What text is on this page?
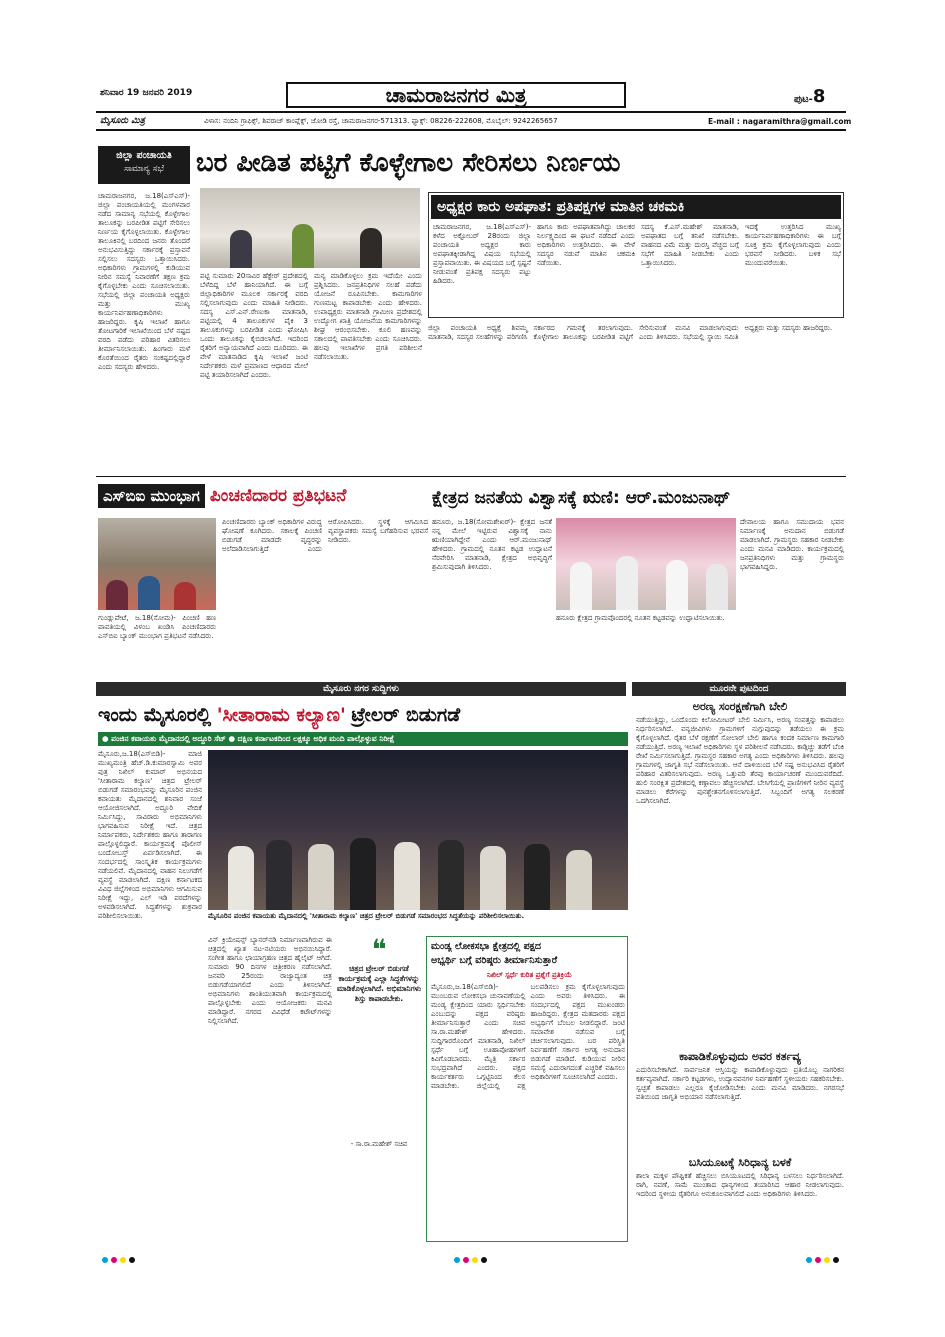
ಶನಿವಾರ 19 ಜನವರಿ 2019	ಚಾಮರಾಜನಗರ ಮಿತ್ರ	ಪುಟ-8
ಮೈಸೂರು ಮಿತ್ರ	ವಿಳಾಸ: ನಂದಿನಿ ಗ್ರಾಫಿಕ್ಸ್, ಶಿವರಾಜ್ ಕಾಂಪ್ಲೆಕ್ಸ್, ಜೋಡಿ ರಸ್ತೆ, ಚಾಮರಾಜನಗರ-571313. ಫ್ಯಾಕ್ಸ್: 08226-222608, ಮೊಬೈಲ್: 9242265657	E-mail : nagaramithra@gmail.com
ಜಿಲ್ಲಾ ಪಂಚಾಯತಿ
ಸಾಮಾನ್ಯ ಸಭೆ	ಬರ ಪೀಡಿತ ಪಟ್ಟಿಗೆ ಕೊಳ್ಳೇಗಾಲ ಸೇರಿಸಲು ನಿರ್ಣಯ
ಚಾಮರಾಜನಗರ, ಜ.18(ಎಸ್‌ಎಸ್)- ಜಿಲ್ಲಾ ಪಂಚಾಯತಿಯಲ್ಲಿ ಮಂಗಳವಾರ ನಡೆದ ಸಾಮಾನ್ಯ ಸಭೆಯಲ್ಲಿ ಕೊಳ್ಳೇಗಾಲ ತಾಲೂಕನ್ನು ಬರಪೀಡಿತ ಪಟ್ಟಿಗೆ ಸೇರಿಸಲು ನಿರ್ಣಯ ಕೈಗೊಳ್ಳಲಾಯಿತು. ಕೊಳ್ಳೇಗಾಲ ತಾಲೂಕಿನಲ್ಲಿ ಬರದಿಂದ ಜನರು ತೊಂದರೆ ಅನುಭವಿಸುತ್ತಿದ್ದು ಸರ್ಕಾರಕ್ಕೆ ಪ್ರಸ್ತಾವನೆ ಸಲ್ಲಿಸಲು ಸದಸ್ಯರು ಒತ್ತಾಯಿಸಿದರು. ಅಧಿಕಾರಿಗಳು ಗ್ರಾಮಗಳಲ್ಲಿ ಕುಡಿಯುವ ನೀರಿನ ಸಮಸ್ಯೆ ನಿವಾರಣೆಗೆ ತಕ್ಷಣ ಕ್ರಮ ಕೈಗೊಳ್ಳಬೇಕು ಎಂದು ಸೂಚಿಸಲಾಯಿತು. ಸಭೆಯಲ್ಲಿ ಜಿಲ್ಲಾ ಪಂಚಾಯತಿ ಅಧ್ಯಕ್ಷರು ಮತ್ತು ಮುಖ್ಯ ಕಾರ್ಯನಿರ್ವಹಣಾಧಿಕಾರಿಗಳು ಹಾಜರಿದ್ದರು. ಕೃಷಿ ಇಲಾಖೆ ಹಾಗೂ ತೋಟಗಾರಿಕೆ ಇಲಾಖೆಯಿಂದ ಬೆಳೆ ನಷ್ಟದ ವರದಿ ಪಡೆದು ಪರಿಹಾರ ವಿತರಿಸಲು ತೀರ್ಮಾನಿಸಲಾಯಿತು. ಹಿಂಗಾರು ಮಳೆ ಕೊರತೆಯಿಂದ ರೈತರು ಸಂಕಷ್ಟದಲ್ಲಿದ್ದಾರೆ ಎಂದು ಸದಸ್ಯರು ಹೇಳಿದರು.
ಪಟ್ಟಿ ಸುಮಾರು 20ಸಾವಿರ ಹೆಕ್ಟೇರ್ ಪ್ರದೇಶದಲ್ಲಿ ಬೆಳೆದಿದ್ದ ಬೆಳೆ ಹಾನಿಯಾಗಿದೆ. ಈ ಬಗ್ಗೆ ಜಿಲ್ಲಾಧಿಕಾರಿಗಳ ಮೂಲಕ ಸರ್ಕಾರಕ್ಕೆ ವರದಿ ಸಲ್ಲಿಸಲಾಗುವುದು ಎಂದು ಮಾಹಿತಿ ನೀಡಿದರು. ಸದಸ್ಯ ಎಸ್.ಎನ್.ರೇಣುಕಾ ಮಾತನಾಡಿ, ಪಟ್ಟಿಯಲ್ಲಿ 4 ತಾಲೂಕುಗಳ ಪೈಕಿ 3 ತಾಲೂಕುಗಳನ್ನು ಬರಪೀಡಿತ ಎಂದು ಘೋಷಿಸಿ ಒಂದು ತಾಲೂಕನ್ನು ಕೈಬಿಡಲಾಗಿದೆ. ಇದರಿಂದ ರೈತರಿಗೆ ಅನ್ಯಾಯವಾಗಿದೆ ಎಂದು ದೂರಿದರು. ಈ ವೇಳೆ ಮಾತನಾಡಿದ ಕೃಷಿ ಇಲಾಖೆ ಜಂಟಿ ನಿರ್ದೇಶಕರು ಮಳೆ ಪ್ರಮಾಣದ ಆಧಾರದ ಮೇಲೆ ಪಟ್ಟಿ ತಯಾರಿಸಲಾಗಿದೆ ಎಂದರು.
ಮನ್ಯ ಮಾಡಿಕೊಳ್ಳಲು ಕ್ರಮ ಇದೆಯೇ ಎಂದು ಪ್ರಶ್ನಿಸಿದರು. ಜನಪ್ರತಿನಿಧಿಗಳ ಸಲಹೆ ಪಡೆದು ಯೋಜನೆ ರೂಪಿಸಬೇಕು. ಕಾಮಗಾರಿಗಳ ಗುಣಮಟ್ಟ ಕಾಪಾಡಬೇಕು ಎಂದು ಹೇಳಿದರು. ಉಪಾಧ್ಯಕ್ಷರು ಮಾತನಾಡಿ ಗ್ರಾಮೀಣ ಪ್ರದೇಶದಲ್ಲಿ ಉದ್ಯೋಗ ಖಾತ್ರಿ ಯೋಜನೆಯ ಕಾಮಗಾರಿಗಳನ್ನು ಶೀಘ್ರ ಆರಂಭಿಸಬೇಕು. ಕೂಲಿ ಹಣವನ್ನು ಸಕಾಲದಲ್ಲಿ ಪಾವತಿಸಬೇಕು ಎಂದು ಸೂಚಿಸಿದರು. ಹಲವು ಇಲಾಖೆಗಳ ಪ್ರಗತಿ ಪರಿಶೀಲನೆ ನಡೆಸಲಾಯಿತು.
ಅಧ್ಯಕ್ಷರ ಕಾರು ಅಪಘಾತ: ಪ್ರತಿಪಕ್ಷಗಳ ಮಾತಿನ ಚಕಮಕಿ
ಚಾಮರಾಜನಗರ, ಜ.18(ಎಸ್‌ಎಸ್)- ಕಳೆದ ಅಕ್ಟೋಬರ್ 28ರಂದು ಜಿಲ್ಲಾ ಪಂಚಾಯತಿ ಅಧ್ಯಕ್ಷರ ಕಾರು ಅಪಘಾತಕ್ಕೀಡಾಗಿದ್ದ ವಿಷಯ ಸಭೆಯಲ್ಲಿ ಪ್ರಸ್ತಾಪವಾಯಿತು. ಈ ವಿಷಯದ ಬಗ್ಗೆ ಸ್ಪಷ್ಟನೆ ನೀಡುವಂತೆ ಪ್ರತಿಪಕ್ಷ ಸದಸ್ಯರು ಪಟ್ಟು ಹಿಡಿದರು.
ಹಾಗೂ ಕಾರು ಅಪಘಾತವಾಗಿದ್ದು ಚಾಲಕರ ನಿರ್ಲಕ್ಷ್ಯದಿಂದ ಈ ಘಟನೆ ನಡೆದಿದೆ ಎಂದು ಅಧಿಕಾರಿಗಳು ಉತ್ತರಿಸಿದರು. ಈ ವೇಳೆ ಸದಸ್ಯರ ನಡುವೆ ಮಾತಿನ ಚಕಮಕಿ ನಡೆಯಿತು.
ಸದಸ್ಯ ಕೆ.ಎಸ್.ಮಹೇಶ್ ಮಾತನಾಡಿ, ಅಪಘಾತದ ಬಗ್ಗೆ ತನಿಖೆ ನಡೆಸಬೇಕು. ವಾಹನದ ವಿಮೆ ಮತ್ತು ದುರಸ್ತಿ ವೆಚ್ಚದ ಬಗ್ಗೆ ಸಭೆಗೆ ಮಾಹಿತಿ ನೀಡಬೇಕು ಎಂದು ಒತ್ತಾಯಿಸಿದರು.
ಇದಕ್ಕೆ ಉತ್ತರಿಸಿದ ಮುಖ್ಯ ಕಾರ್ಯನಿರ್ವಹಣಾಧಿಕಾರಿಗಳು ಈ ಬಗ್ಗೆ ಸೂಕ್ತ ಕ್ರಮ ಕೈಗೊಳ್ಳಲಾಗುವುದು ಎಂದು ಭರವಸೆ ನೀಡಿದರು. ಬಳಿಕ ಸಭೆ ಮುಂದುವರೆಯಿತು.
ಜಿಲ್ಲಾ ಪಂಚಾಯತಿ ಅಧ್ಯಕ್ಷೆ ಶಿವಮ್ಮ ಮಾತನಾಡಿ, ಸದಸ್ಯರ ಸಲಹೆಗಳನ್ನು ಪರಿಗಣಿಸಿ ಸರ್ಕಾರದ ಗಮನಕ್ಕೆ ತರಲಾಗುವುದು. ಕೊಳ್ಳೇಗಾಲ ತಾಲೂಕನ್ನು ಬರಪೀಡಿತ ಪಟ್ಟಿಗೆ ಸೇರಿಸುವಂತೆ ಮನವಿ ಮಾಡಲಾಗುವುದು ಎಂದು ತಿಳಿಸಿದರು. ಸಭೆಯಲ್ಲಿ ಸ್ಥಾಯಿ ಸಮಿತಿ ಅಧ್ಯಕ್ಷರು ಮತ್ತು ಸದಸ್ಯರು ಹಾಜರಿದ್ದರು.
ಎಸ್‌ಬಿಐ ಮುಂಭಾಗ ಪಿಂಚಣಿದಾರರ ಪ್ರತಿಭಟನೆ	ಕ್ಷೇತ್ರದ ಜನತೆಯ ವಿಶ್ವಾಸಕ್ಕೆ ಋಣಿ: ಆರ್.ಮಂಜುನಾಥ್
ಗುಂಡ್ಲುಪೇಟೆ, ಜ.18(ಸೋಮ)- ಪಿಂಚಣಿ ಹಣ ಪಾವತಿಯಲ್ಲಿ ವಿಳಂಬ ಖಂಡಿಸಿ ಪಿಂಚಣಿದಾರರು ಎಸ್‌ಬಿಐ ಬ್ಯಾಂಕ್ ಮುಂಭಾಗ ಪ್ರತಿಭಟನೆ ನಡೆಸಿದರು.
ಪಿಂಚಣಿದಾರರು ಬ್ಯಾಂಕ್ ಅಧಿಕಾರಿಗಳ ವಿರುದ್ಧ ಘೋಷಣೆ ಕೂಗಿದರು. ಸಕಾಲಕ್ಕೆ ಪಿಂಚಣಿ ಬಿಡುಗಡೆ ಮಾಡದೇ ವೃದ್ಧರನ್ನು ಅಲೆದಾಡಿಸಲಾಗುತ್ತಿದೆ ಎಂದು ಆರೋಪಿಸಿದರು. ಸ್ಥಳಕ್ಕೆ ಆಗಮಿಸಿದ ವ್ಯವಸ್ಥಾಪಕರು ಸಮಸ್ಯೆ ಬಗೆಹರಿಸುವ ಭರವಸೆ ನೀಡಿದರು.
ಹನೂರು, ಜ.18(ಸೋಮಶೇಖರ್)- ಕ್ಷೇತ್ರದ ಜನತೆ ನನ್ನ ಮೇಲೆ ಇಟ್ಟಿರುವ ವಿಶ್ವಾಸಕ್ಕೆ ನಾನು ಋಣಿಯಾಗಿದ್ದೇನೆ ಎಂದು ಆರ್.ಮಂಜುನಾಥ್ ಹೇಳಿದರು. ಗ್ರಾಮದಲ್ಲಿ ನೂತನ ಕಟ್ಟಡ ಉದ್ಘಾಟನೆ ನೆರವೇರಿಸಿ ಮಾತನಾಡಿ, ಕ್ಷೇತ್ರದ ಅಭಿವೃದ್ಧಿಗೆ ಶ್ರಮಿಸುವುದಾಗಿ ತಿಳಿಸಿದರು.
ಹನೂರು ಕ್ಷೇತ್ರದ ಗ್ರಾಮವೊಂದರಲ್ಲಿ ನೂತನ ಕಟ್ಟಡವನ್ನು ಉದ್ಘಾಟಿಸಲಾಯಿತು.
ದೇವಾಲಯ ಹಾಗೂ ಸಮುದಾಯ ಭವನ ನಿರ್ಮಾಣಕ್ಕೆ ಅನುದಾನ ಬಿಡುಗಡೆ ಮಾಡಲಾಗಿದೆ. ಗ್ರಾಮಸ್ಥರು ಸಹಕಾರ ನೀಡಬೇಕು ಎಂದು ಮನವಿ ಮಾಡಿದರು. ಕಾರ್ಯಕ್ರಮದಲ್ಲಿ ಜನಪ್ರತಿನಿಧಿಗಳು ಮತ್ತು ಗ್ರಾಮಸ್ಥರು ಭಾಗವಹಿಸಿದ್ದರು.
ಮೈಸೂರು ನಗರ ಸುದ್ದಿಗಳು	ಮೂರನೇ ಪುಟದಿಂದ
ಇಂದು ಮೈಸೂರಲ್ಲಿ 'ಸೀತಾರಾಮ ಕಲ್ಯಾಣ' ಟ್ರೇಲರ್ ಬಿಡುಗಡೆ
● ಪಂಜಿನ ಕವಾಯತು ಮೈದಾನದಲ್ಲಿ ಅದ್ದೂರಿ ಸೆಟ್ ● ದಕ್ಷಿಣ ಕರ್ನಾಟಕದಿಂದ ಲಕ್ಷಕ್ಕೂ ಅಧಿಕ ಮಂದಿ ಪಾಲ್ಗೊಳ್ಳುವ ನಿರೀಕ್ಷೆ
ಮೈಸೂರು,ಜ.18(ಎಸ್‌ಬಿಡಿ)- ಮಾಜಿ ಮುಖ್ಯಮಂತ್ರಿ ಹೆಚ್.ಡಿ.ಕುಮಾರಸ್ವಾಮಿ ಅವರ ಪುತ್ರ ನಿಖಿಲ್ ಕುಮಾರ್ ಅಭಿನಯದ 'ಸೀತಾರಾಮ ಕಲ್ಯಾಣ' ಚಿತ್ರದ ಟ್ರೇಲರ್ ಬಿಡುಗಡೆ ಸಮಾರಂಭವನ್ನು ಮೈಸೂರಿನ ಪಂಜಿನ ಕವಾಯತು ಮೈದಾನದಲ್ಲಿ ಶನಿವಾರ ಸಂಜೆ ಆಯೋಜಿಸಲಾಗಿದೆ. ಅದ್ದೂರಿ ವೇದಿಕೆ ನಿರ್ಮಿಸಿದ್ದು, ಸಾವಿರಾರು ಅಭಿಮಾನಿಗಳು ಭಾಗವಹಿಸುವ ನಿರೀಕ್ಷೆ ಇದೆ. ಚಿತ್ರದ ನಿರ್ಮಾಪಕರು, ನಿರ್ದೇಶಕರು ಹಾಗೂ ತಾರಾಗಣ ಪಾಲ್ಗೊಳ್ಳಲಿದ್ದಾರೆ. ಕಾರ್ಯಕ್ರಮಕ್ಕೆ ಪೊಲೀಸ್ ಬಂದೋಬಸ್ತ್ ಏರ್ಪಡಿಸಲಾಗಿದೆ. ಈ ಸಂದರ್ಭದಲ್ಲಿ ಸಾಂಸ್ಕೃತಿಕ ಕಾರ್ಯಕ್ರಮಗಳು ನಡೆಯಲಿವೆ. ಮೈದಾನದಲ್ಲಿ ವಾಹನ ನಿಲುಗಡೆಗೆ ವ್ಯವಸ್ಥೆ ಮಾಡಲಾಗಿದೆ. ದಕ್ಷಿಣ ಕರ್ನಾಟಕದ ವಿವಿಧ ಜಿಲ್ಲೆಗಳಿಂದ ಅಭಿಮಾನಿಗಳು ಆಗಮಿಸುವ ನಿರೀಕ್ಷೆ ಇದ್ದು, ಎಲ್ ಇಡಿ ಪರದೆಗಳನ್ನು ಅಳವಡಿಸಲಾಗಿದೆ. ಸಿದ್ಧತೆಗಳನ್ನು ಶುಕ್ರವಾರ ಪರಿಶೀಲಿಸಲಾಯಿತು.	ಮೈಸೂರಿನ ಪಂಜಿನ ಕವಾಯತು ಮೈದಾನದಲ್ಲಿ 'ಸೀತಾರಾಮ ಕಲ್ಯಾಣ' ಚಿತ್ರದ ಟ್ರೇಲರ್ ಬಿಡುಗಡೆ ಸಮಾರಂಭದ ಸಿದ್ಧತೆಯನ್ನು ಪರಿಶೀಲಿಸಲಾಯಿತು.
ವಿನ್ ಕ್ರಿಯೇಷನ್ಸ್ ಬ್ಯಾನರ್‌ನಡಿ ನಿರ್ಮಾಣವಾಗಿರುವ ಈ ಚಿತ್ರದಲ್ಲಿ ಖ್ಯಾತ ನಟ-ನಟಿಯರು ಅಭಿನಯಿಸಿದ್ದಾರೆ. ಸಂಗೀತ ಹಾಗೂ ಛಾಯಾಗ್ರಹಣ ಚಿತ್ರದ ಹೈಲೈಟ್ ಆಗಿದೆ. ಸುಮಾರು 90 ದಿನಗಳ ಚಿತ್ರೀಕರಣ ನಡೆಸಲಾಗಿದೆ. ಜನವರಿ 25ರಂದು ರಾಜ್ಯಾದ್ಯಂತ ಚಿತ್ರ ಬಿಡುಗಡೆಯಾಗಲಿದೆ ಎಂದು ತಿಳಿಸಲಾಗಿದೆ. ಅಭಿಮಾನಿಗಳು ಶಾಂತಿಯುತವಾಗಿ ಕಾರ್ಯಕ್ರಮದಲ್ಲಿ ಪಾಲ್ಗೊಳ್ಳಬೇಕು ಎಂದು ಆಯೋಜಕರು ಮನವಿ ಮಾಡಿದ್ದಾರೆ. ನಗರದ ವಿವಿಧೆಡೆ ಕಟೌಟ್‌ಗಳನ್ನು ನಿಲ್ಲಿಸಲಾಗಿದೆ.
❝
ಚಿತ್ರದ ಟ್ರೇಲರ್ ಬಿಡುಗಡೆ ಕಾರ್ಯಕ್ರಮಕ್ಕೆ ಎಲ್ಲಾ ಸಿದ್ಧತೆಗಳನ್ನು ಮಾಡಿಕೊಳ್ಳಲಾಗಿದೆ. ಅಭಿಮಾನಿಗಳು ಶಿಸ್ತು ಕಾಪಾಡಬೇಕು.
- ಸಾ.ರಾ.ಮಹೇಶ್ ಸಚಿವ
ಮಂಡ್ಯ ಲೋಕಸಭಾ ಕ್ಷೇತ್ರದಲ್ಲಿ ಪಕ್ಷದ
ಅಭ್ಯರ್ಥಿ ಬಗ್ಗೆ ವರಿಷ್ಠರು ತೀರ್ಮಾನಿಸುತ್ತಾರೆ
ನಿಖಿಲ್ ಸ್ಪರ್ಧೆ ಕುರಿತ ಪ್ರಶ್ನೆಗೆ ಪ್ರತಿಕ್ರಿಯೆ
ಮೈಸೂರು,ಜ.18(ಎಸ್‌ಬಿಡಿ)- ಮುಂಬರುವ ಲೋಕಸಭಾ ಚುನಾವಣೆಯಲ್ಲಿ ಮಂಡ್ಯ ಕ್ಷೇತ್ರದಿಂದ ಯಾರು ಸ್ಪರ್ಧಿಸಬೇಕು ಎಂಬುದನ್ನು ಪಕ್ಷದ ವರಿಷ್ಠರು ತೀರ್ಮಾನಿಸುತ್ತಾರೆ ಎಂದು ಸಚಿವ ಸಾ.ರಾ.ಮಹೇಶ್ ಹೇಳಿದರು. ಸುದ್ದಿಗಾರರೊಂದಿಗೆ ಮಾತನಾಡಿ, ನಿಖಿಲ್ ಸ್ಪರ್ಧೆ ಬಗ್ಗೆ ಊಹಾಪೋಹಗಳಿಗೆ ಕಿವಿಗೊಡಬಾರದು. ಮೈತ್ರಿ ಸರ್ಕಾರ ಸುಭದ್ರವಾಗಿದೆ ಎಂದರು. ಪಕ್ಷದ ಕಾರ್ಯಕರ್ತರು ಒಗ್ಗಟ್ಟಿನಿಂದ ಕೆಲಸ ಮಾಡಬೇಕು. ಜಿಲ್ಲೆಯಲ್ಲಿ ಪಕ್ಷ ಬಲಪಡಿಸಲು ಕ್ರಮ ಕೈಗೊಳ್ಳಲಾಗುವುದು ಎಂದು ಅವರು ತಿಳಿಸಿದರು. ಈ ಸಂದರ್ಭದಲ್ಲಿ ಪಕ್ಷದ ಮುಖಂಡರು ಹಾಜರಿದ್ದರು. ಕ್ಷೇತ್ರದ ಮತದಾರರು ಪಕ್ಷದ ಅಭ್ಯರ್ಥಿಗೆ ಬೆಂಬಲ ನೀಡಲಿದ್ದಾರೆ. ಜಂಟಿ ಸಮಾವೇಶ ನಡೆಸುವ ಬಗ್ಗೆ ಚರ್ಚಿಸಲಾಗುವುದು. ಬರ ಪರಿಸ್ಥಿತಿ ನಿರ್ವಹಣೆಗೆ ಸರ್ಕಾರ ಅಗತ್ಯ ಅನುದಾನ ಬಿಡುಗಡೆ ಮಾಡಿದೆ. ಕುಡಿಯುವ ನೀರಿನ ಸಮಸ್ಯೆ ಎದುರಾಗದಂತೆ ಎಚ್ಚರಿಕೆ ವಹಿಸಲು ಅಧಿಕಾರಿಗಳಿಗೆ ಸೂಚಿಸಲಾಗಿದೆ ಎಂದರು.
ಅರಣ್ಯ ಸಂರಕ್ಷಣೆಗಾಗಿ ಬೇಲಿ
ನಡೆಯುತ್ತಿದ್ದು, ಒಂದೊಂದು ಕಿಲೋಮೀಟರ್ ಬೇಲಿ ನಿರ್ಮಿಸಿ, ಅರಣ್ಯ ಸಂಪತ್ತನ್ನು ಕಾಪಾಡಲು ನಿರ್ಧರಿಸಲಾಗಿದೆ. ವನ್ಯಜೀವಿಗಳು ಗ್ರಾಮಗಳಿಗೆ ನುಗ್ಗುವುದನ್ನು ತಡೆಯಲು ಈ ಕ್ರಮ ಕೈಗೊಳ್ಳಲಾಗಿದೆ. ರೈತರ ಬೆಳೆ ರಕ್ಷಣೆಗೆ ಸೋಲಾರ್ ಬೇಲಿ ಹಾಗೂ ಕಂದಕ ನಿರ್ಮಾಣ ಕಾಮಗಾರಿ ನಡೆಯುತ್ತಿದೆ. ಅರಣ್ಯ ಇಲಾಖೆ ಅಧಿಕಾರಿಗಳು ಸ್ಥಳ ಪರಿಶೀಲನೆ ನಡೆಸಿದರು. ಕಾಡ್ಗಿಚ್ಚು ತಡೆಗೆ ಬೆಂಕಿ ರೇಖೆ ನಿರ್ಮಿಸಲಾಗುತ್ತಿದೆ. ಗ್ರಾಮಸ್ಥರ ಸಹಕಾರ ಅಗತ್ಯ ಎಂದು ಅಧಿಕಾರಿಗಳು ತಿಳಿಸಿದರು. ಹಲವು ಗ್ರಾಮಗಳಲ್ಲಿ ಜಾಗೃತಿ ಸಭೆ ನಡೆಸಲಾಯಿತು. ಆನೆ ದಾಳಿಯಿಂದ ಬೆಳೆ ನಷ್ಟ ಅನುಭವಿಸಿದ ರೈತರಿಗೆ ಪರಿಹಾರ ವಿತರಿಸಲಾಗುವುದು. ಅರಣ್ಯ ಒತ್ತುವರಿ ತೆರವು ಕಾರ್ಯಾಚರಣೆ ಮುಂದುವರೆದಿದೆ. ಹುಲಿ ಸಂರಕ್ಷಿತ ಪ್ರದೇಶದಲ್ಲಿ ಕಣ್ಗಾವಲು ಹೆಚ್ಚಿಸಲಾಗಿದೆ. ಬೇಸಿಗೆಯಲ್ಲಿ ಪ್ರಾಣಿಗಳಿಗೆ ನೀರಿನ ವ್ಯವಸ್ಥೆ ಮಾಡಲು ಕೆರೆಗಳನ್ನು ಪುನಶ್ಚೇತನಗೊಳಿಸಲಾಗುತ್ತಿದೆ. ಸಿಬ್ಬಂದಿಗೆ ಅಗತ್ಯ ಸಲಕರಣೆ ಒದಗಿಸಲಾಗಿದೆ.
ಕಾಪಾಡಿಕೊಳ್ಳುವುದು ಅವರ ಕರ್ತವ್ಯ
ಎದುರಿಸಬೇಕಾಗಿದೆ. ಸಾರ್ವಜನಿಕ ಆಸ್ತಿಯನ್ನು ಕಾಪಾಡಿಕೊಳ್ಳುವುದು ಪ್ರತಿಯೊಬ್ಬ ನಾಗರಿಕನ ಕರ್ತವ್ಯವಾಗಿದೆ. ಸರ್ಕಾರಿ ಕಟ್ಟಡಗಳು, ಉದ್ಯಾನವನಗಳ ನಿರ್ವಹಣೆಗೆ ಸ್ಥಳೀಯರು ಸಹಕರಿಸಬೇಕು. ಸ್ವಚ್ಛತೆ ಕಾಪಾಡಲು ಎಲ್ಲರೂ ಕೈಜೋಡಿಸಬೇಕು ಎಂದು ಮನವಿ ಮಾಡಿದರು. ನಗರಸಭೆ ವತಿಯಿಂದ ಜಾಗೃತಿ ಅಭಿಯಾನ ನಡೆಸಲಾಗುತ್ತಿದೆ.
ಬಸಿಯೂಟಕ್ಕೆ ಸಿರಿಧಾನ್ಯ ಬಳಕೆ
ಶಾಲಾ ಮಕ್ಕಳ ಪೌಷ್ಟಿಕತೆ ಹೆಚ್ಚಿಸಲು ಬಿಸಿಯೂಟದಲ್ಲಿ ಸಿರಿಧಾನ್ಯ ಬಳಸಲು ನಿರ್ಧರಿಸಲಾಗಿದೆ. ರಾಗಿ, ನವಣೆ, ಸಾಮೆ ಮುಂತಾದ ಧಾನ್ಯಗಳಿಂದ ತಯಾರಿಸಿದ ಆಹಾರ ನೀಡಲಾಗುವುದು. ಇದರಿಂದ ಸ್ಥಳೀಯ ರೈತರಿಗೂ ಅನುಕೂಲವಾಗಲಿದೆ ಎಂದು ಅಧಿಕಾರಿಗಳು ತಿಳಿಸಿದರು.
